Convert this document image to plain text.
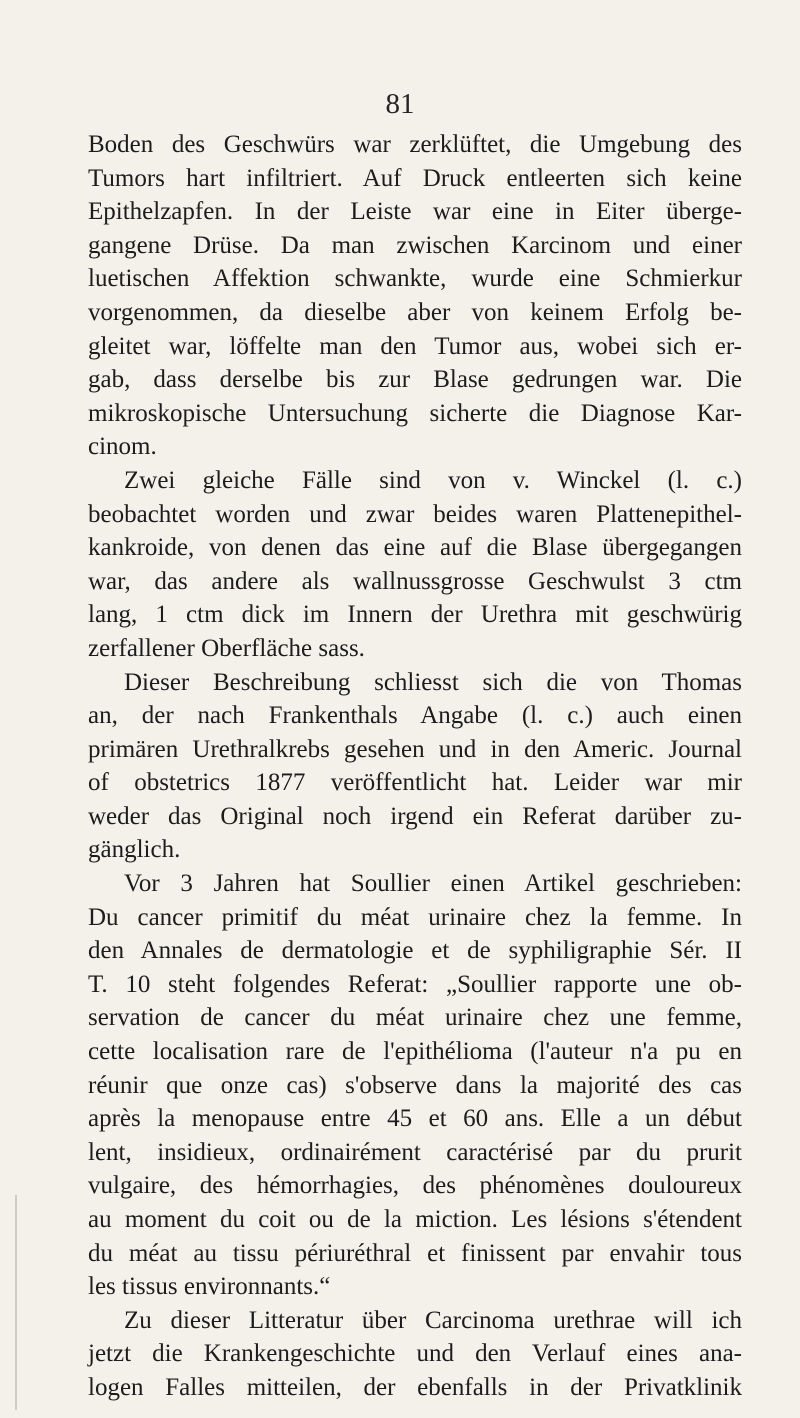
81
Boden des Geschwürs war zerklüftet, die Umgebung des
Tumors hart infiltriert. Auf Druck entleerten sich keine
Epithelzapfen. In der Leiste war eine in Eiter überge-
gangene Drüse. Da man zwischen Karcinom und einer
luetischen Affektion schwankte, wurde eine Schmierkur
vorgenommen, da dieselbe aber von keinem Erfolg be-
gleitet war, löffelte man den Tumor aus, wobei sich er-
gab, dass derselbe bis zur Blase gedrungen war. Die
mikroskopische Untersuchung sicherte die Diagnose Kar-
cinom.
Zwei gleiche Fälle sind von v. Winckel (l. c.)
beobachtet worden und zwar beides waren Plattenepithel-
kankroide, von denen das eine auf die Blase übergegangen
war, das andere als wallnussgrosse Geschwulst 3 ctm
lang, 1 ctm dick im Innern der Urethra mit geschwürig
zerfallener Oberfläche sass.
Dieser Beschreibung schliesst sich die von Thomas
an, der nach Frankenthals Angabe (l. c.) auch einen
primären Urethralkrebs gesehen und in den Americ. Journal
of obstetrics 1877 veröffentlicht hat. Leider war mir
weder das Original noch irgend ein Referat darüber zu-
gänglich.
Vor 3 Jahren hat Soullier einen Artikel geschrieben:
Du cancer primitif du méat urinaire chez la femme. In
den Annales de dermatologie et de syphiligraphie Sér. II
T. 10 steht folgendes Referat: „Soullier rapporte une ob-
servation de cancer du méat urinaire chez une femme,
cette localisation rare de l'epithélioma (l'auteur n'a pu en
réunir que onze cas) s'observe dans la majorité des cas
après la menopause entre 45 et 60 ans. Elle a un début
lent, insidieux, ordinairément caractérisé par du prurit
vulgaire, des hémorrhagies, des phénomènes douloureux
au moment du coit ou de la miction. Les lésions s'étendent
du méat au tissu périuréthral et finissent par envahir tous
les tissus environnants.“
Zu dieser Litteratur über Carcinoma urethrae will ich
jetzt die Krankengeschichte und den Verlauf eines ana-
logen Falles mitteilen, der ebenfalls in der Privatklinik
